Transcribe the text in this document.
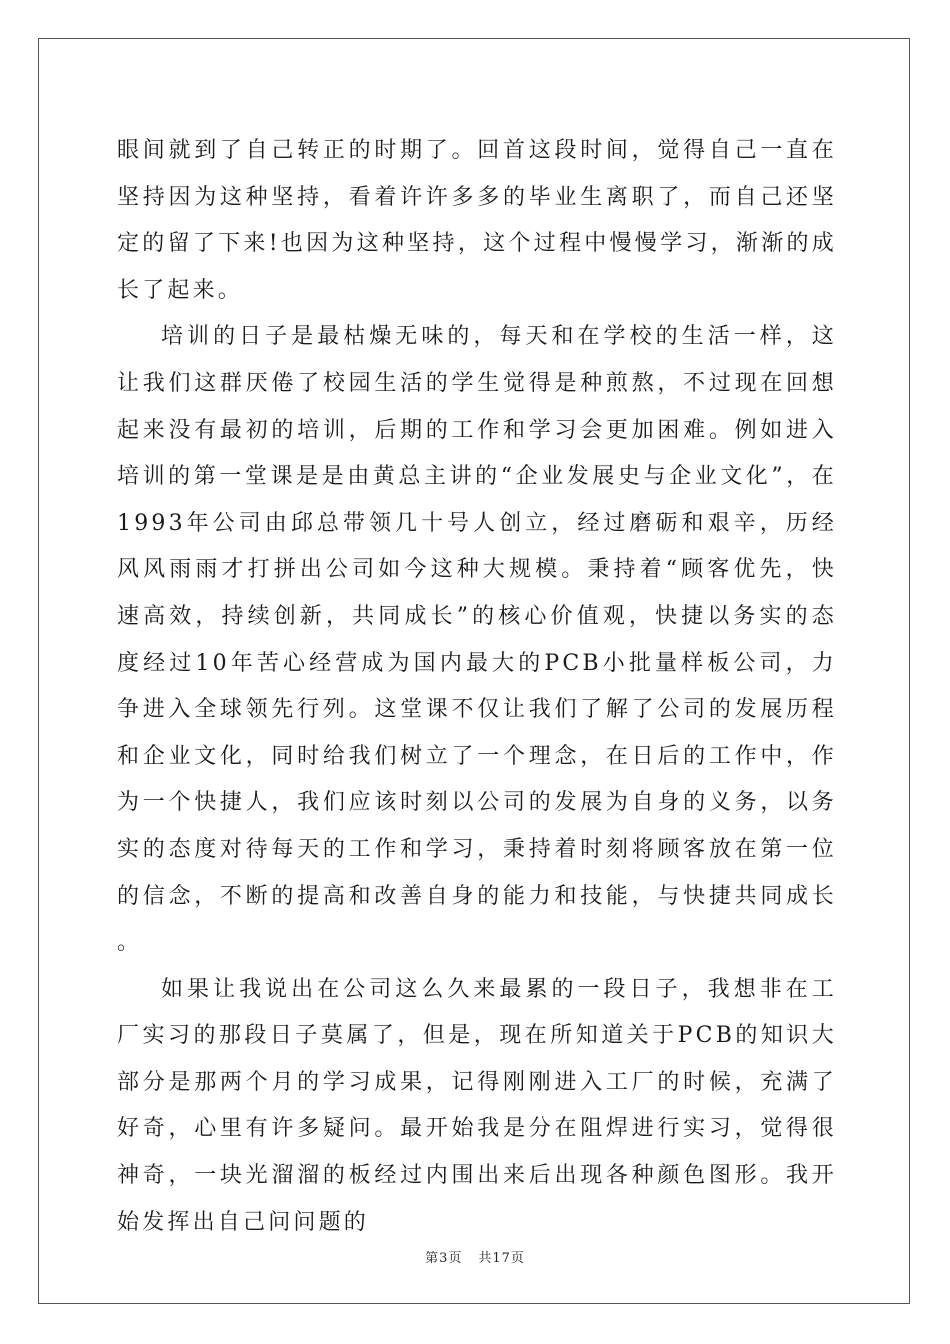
眼间就到了自己转正的时期了。回首这段时间，觉得自己一直在坚持因为这种坚持，看着许许多多的毕业生离职了，而自己还坚定的留了下来!也因为这种坚持，这个过程中慢慢学习，渐渐的成长了起来。

培训的日子是最枯燥无味的，每天和在学校的生活一样，这让我们这群厌倦了校园生活的学生觉得是种煎熬，不过现在回想起来没有最初的培训，后期的工作和学习会更加困难。例如进入培训的第一堂课是是由黄总主讲的“企业发展史与企业文化”，在1993年公司由邱总带领几十号人创立，经过磨砺和艰辛，历经风风雨雨才打拼出公司如今这种大规模。秉持着“顾客优先，快速高效，持续创新，共同成长”的核心价值观，快捷以务实的态度经过10年苦心经营成为国内最大的PCB小批量样板公司，力争进入全球领先行列。这堂课不仅让我们了解了公司的发展历程和企业文化，同时给我们树立了一个理念，在日后的工作中，作为一个快捷人，我们应该时刻以公司的发展为自身的义务，以务实的态度对待每天的工作和学习，秉持着时刻将顾客放在第一位的信念，不断的提高和改善自身的能力和技能，与快捷共同成长。

如果让我说出在公司这么久来最累的一段日子，我想非在工厂实习的那段日子莫属了，但是，现在所知道关于PCB的知识大部分是那两个月的学习成果，记得刚刚进入工厂的时候，充满了好奇，心里有许多疑问。最开始我是分在阻焊进行实习，觉得很神奇，一块光溜溜的板经过内围出来后出现各种颜色图形。我开始发挥出自己问问题的

第3页 共17页
